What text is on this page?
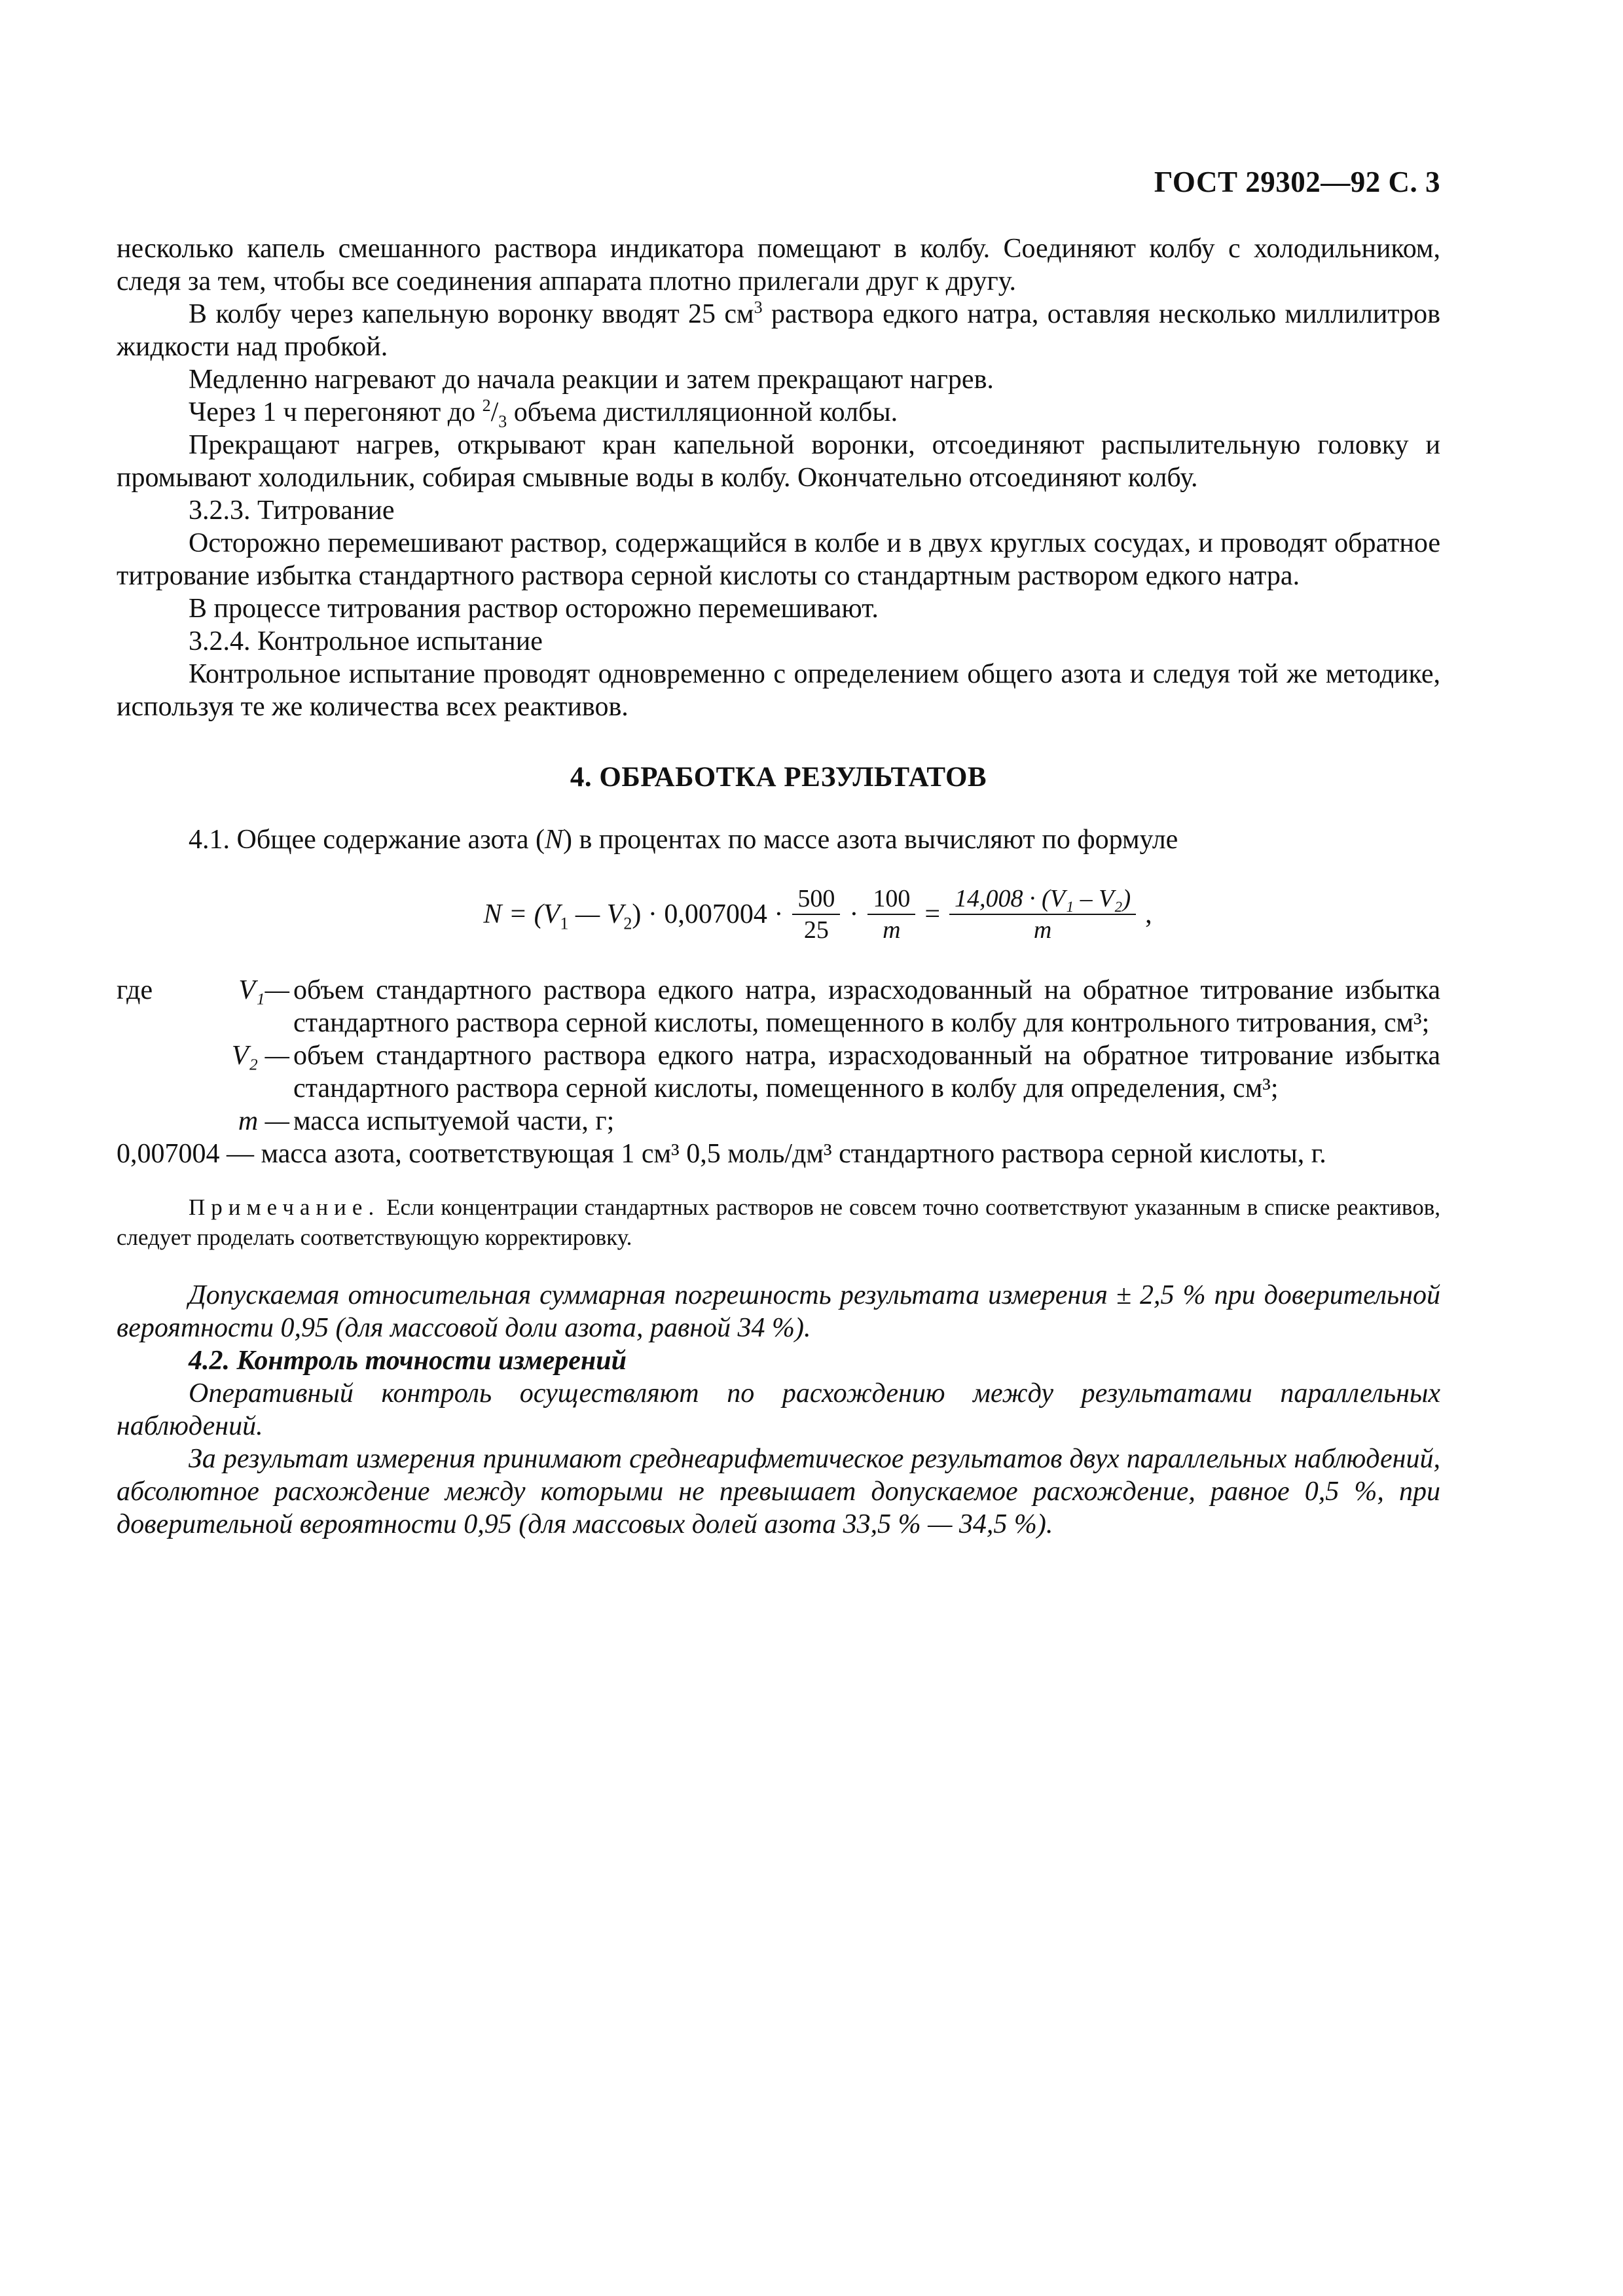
ГОСТ 29302—92 С. 3

несколько капель смешанного раствора индикатора помещают в колбу. Соединяют колбу с холодильником, следя за тем, чтобы все соединения аппарата плотно прилегали друг к другу.

В колбу через капельную воронку вводят 25 $см^3$ раствора едкого натра, оставляя несколько миллилитров жидкости над пробкой.

Медленно нагревают до начала реакции и затем прекращают нагрев.

Через 1 ч перегоняют до $^2/_3$ объема дистилляционной колбы.

Прекращают нагрев, открывают кран капельной воронки, отсоединяют распылительную головку и промывают холодильник, собирая смывные воды в колбу. Окончательно отсоединяют колбу.

3.2.3. Титрование

Осторожно перемешивают раствор, содержащийся в колбе и в двух круглых сосудах, и проводят обратное титрование избытка стандартного раствора серной кислоты со стандартным раствором едкого натра.

В процессе титрования раствор осторожно перемешивают.

3.2.4. Контрольное испытание

Контрольное испытание проводят одновременно с определением общего азота и следуя той же методике, используя те же количества всех реактивов.

4. ОБРАБОТКА РЕЗУЛЬТАТОВ

4.1. Общее содержание азота (N) в процентах по массе азота вычисляют по формуле

$N = (V_1$ — $V_2) \cdot 0,007004 \cdot \frac{500}{25} \cdot \frac{100}{m} = \frac{\text{14,008 · (V₁ – V₂)}}{m}$ ,
где	V₁— объем стандартного раствора едкого натра, израсходованный на обратное титрование избытка стандартного раствора серной кислоты, помещенного в колбу для контрольного титрования, см³;
V₂ — объем стандартного раствора едкого натра, израсходованный на обратное титрование избытка стандартного раствора серной кислоты, помещенного в колбу для определения, см³;
m — масса испытуемой части, г;

0,007004 — масса азота, соответствующая 1 см³ 0,5 моль/дм³ стандартного раствора серной кислоты, г.

Примечание. Если концентрации стандартных растворов не совсем точно соответствуют указанным в списке реактивов, следует проделать соответствующую корректировку.

Допускаемая относительная суммарная погрешность результата измерения ± 2,5 % при доверительной вероятности 0,95 (для массовой доли азота, равной 34 %).

4.2. Контроль точности измерений

Оперативный контроль осуществляют по расхождению между результатами параллельных наблюдений.

За результат измерения принимают среднеарифметическое результатов двух параллельных наблюдений, абсолютное расхождение между которыми не превышает допускаемое расхождение, равное 0,5 %, при доверительной вероятности 0,95 (для массовых долей азота 33,5 % — 34,5 %).
